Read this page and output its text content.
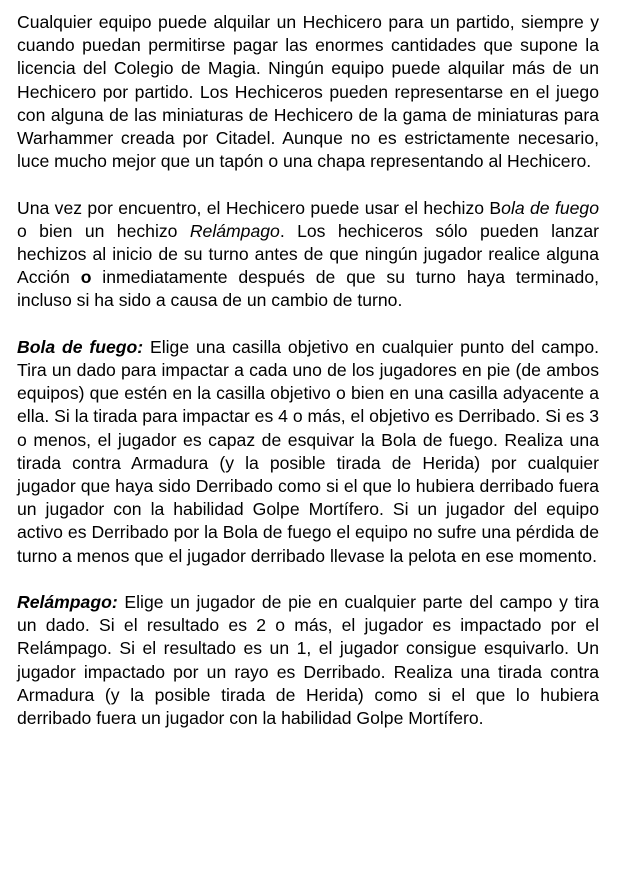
Cualquier equipo puede alquilar un Hechicero para un partido, siempre y cuando puedan permitirse pagar las enormes cantidades que supone la licencia del Colegio de Magia. Ningún equipo puede alquilar más de un Hechicero por partido. Los Hechiceros pueden representarse en el juego con alguna de las miniaturas de Hechicero de la gama de miniaturas para Warhammer creada por Citadel. Aunque no es estrictamente necesario, luce mucho mejor que un tapón o una chapa representando al Hechicero.

Una vez por encuentro, el Hechicero puede usar el hechizo Bola de fuego o bien un hechizo Relámpago. Los hechiceros sólo pueden lanzar hechizos al inicio de su turno antes de que ningún jugador realice alguna Acción o inmediatamente después de que su turno haya terminado, incluso si ha sido a causa de un cambio de turno.

Bola de fuego: Elige una casilla objetivo en cualquier punto del campo. Tira un dado para impactar a cada uno de los jugadores en pie (de ambos equipos) que estén en la casilla objetivo o bien en una casilla adyacente a ella. Si la tirada para impactar es 4 o más, el objetivo es Derribado. Si es 3 o menos, el jugador es capaz de esquivar la Bola de fuego. Realiza una tirada contra Armadura (y la posible tirada de Herida) por cualquier jugador que haya sido Derribado como si el que lo hubiera derribado fuera un jugador con la habilidad Golpe Mortífero. Si un jugador del equipo activo es Derribado por la Bola de fuego el equipo no sufre una pérdida de turno a menos que el jugador derribado llevase la pelota en ese momento.

Relámpago: Elige un jugador de pie en cualquier parte del campo y tira un dado. Si el resultado es 2 o más, el jugador es impactado por el Relámpago. Si el resultado es un 1, el jugador consigue esquivarlo. Un jugador impactado por un rayo es Derribado. Realiza una tirada contra Armadura (y la posible tirada de Herida) como si el que lo hubiera derribado fuera un jugador con la habilidad Golpe Mortífero.
